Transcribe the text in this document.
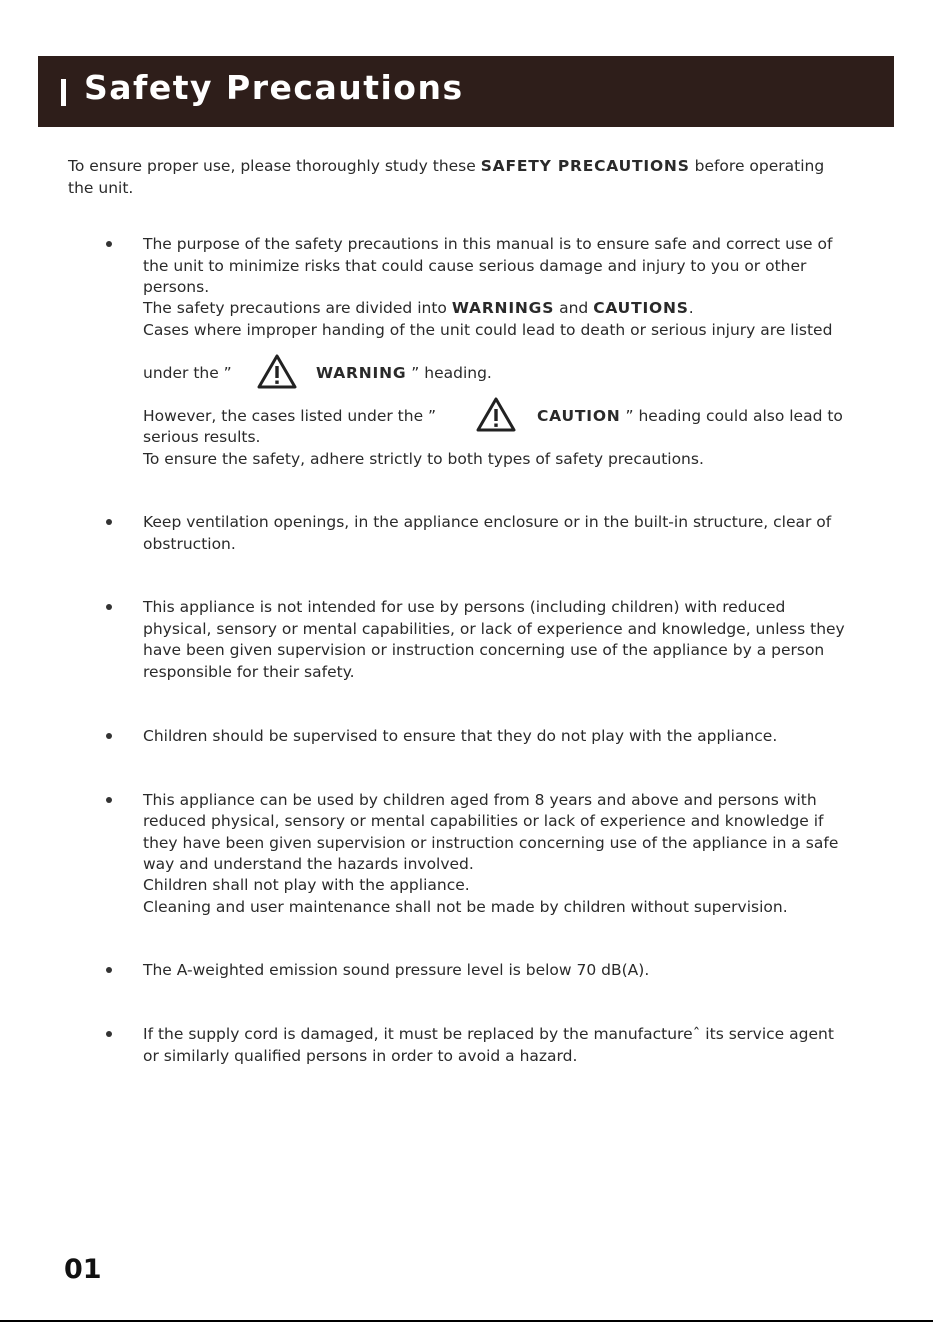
Safety Precautions
To ensure proper use, please thoroughly study these SAFETY PRECAUTIONS before operating
the unit.
The purpose of the safety precautions in this manual is to ensure safe and correct use of
the unit to minimize risks that could cause serious damage and injury to you or other
persons.
The safety precautions are divided into WARNINGS and CAUTIONS.
Cases where improper handing of the unit could lead to death or serious injury are listed
under the ”	WARNING ” heading.
However, the cases listed under the ”	CAUTION ” heading could also lead to
serious results.
To ensure the safety, adhere strictly to both types of safety precautions.
Keep ventilation openings, in the appliance enclosure or in the built-in structure, clear of
obstruction.
This appliance is not intended for use by persons (including children) with reduced
physical, sensory or mental capabilities, or lack of experience and knowledge, unless they
have been given supervision or instruction concerning use of the appliance by a person
responsible for their safety.
Children should be supervised to ensure that they do not play with the appliance.
This appliance can be used by children aged from 8 years and above and persons with
reduced physical, sensory or mental capabilities or lack of experience and knowledge if
they have been given supervision or instruction concerning use of the appliance in a safe
way and understand the hazards involved.
Children shall not play with the appliance.
Cleaning and user maintenance shall not be made by children without supervision.
The A-weighted emission sound pressure level is below 70 dB(A).
If the supply cord is damaged, it must be replaced by the manufactureˆ its service agent
or similarly qualified persons in order to avoid a hazard.
01
